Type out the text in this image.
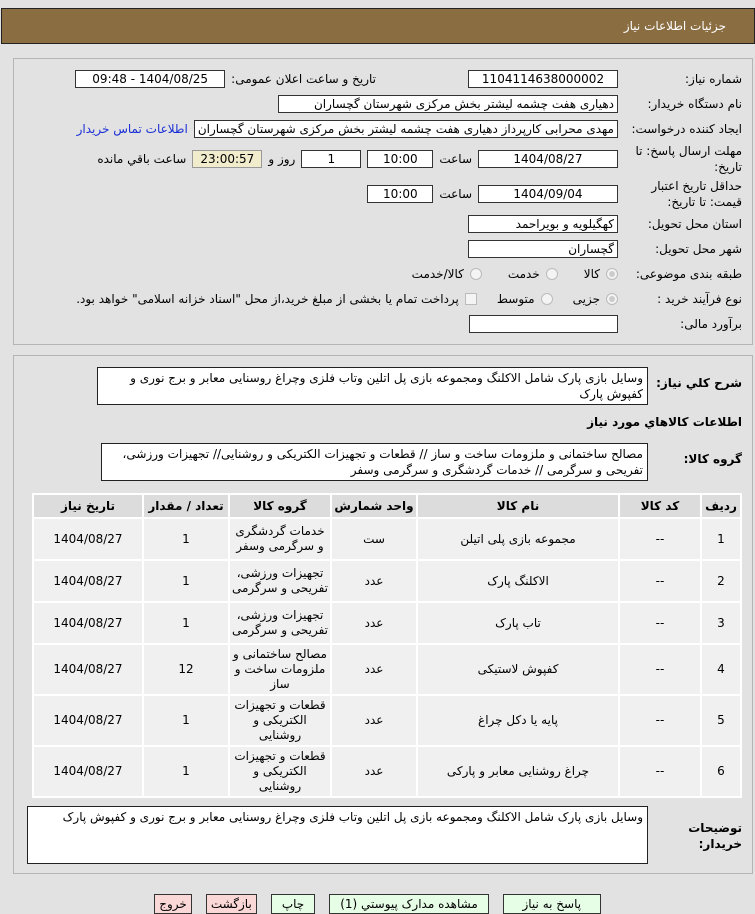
جزئیات اطلاعات نیاز
شماره نیاز:
1104114638000002
تاریخ و ساعت اعلان عمومی:
1404/08/25 - 09:48
نام دستگاه خریدار:
دهیاری هفت چشمه لیشتر بخش مرکزی شهرستان گچساران
ایجاد کننده درخواست:
مهدی محرابی کارپرداز دهیاری هفت چشمه لیشتر بخش مرکزی شهرستان گچساران
اطلاعات تماس خریدار
مهلت ارسال پاسخ: تا تاریخ:
1404/08/27
ساعت
10:00
1
روز و
23:00:57
ساعت باقي مانده
حداقل تاریخ اعتبار قیمت: تا تاریخ:
1404/09/04
ساعت
10:00
استان محل تحویل:
کهگیلویه و بویراحمد
شهر محل تحویل:
گچساران
طبقه بندی موضوعی:
کالا
خدمت
کالا/خدمت
نوع فرآیند خرید :
جزیی
متوسط
پرداخت تمام یا بخشی از مبلغ خرید،از محل "اسناد خزانه اسلامی" خواهد بود.
برآورد مالی:
شرح کلي نياز:
وسایل بازی پارک شامل الاکلنگ ومجموعه بازی پل اتلین وتاب فلزی وچراغ روسنایی معابر و برج نوری و کفپوش پارک
اطلاعات کالاهاي مورد نياز
گروه کالا:
مصالح ساختمانی و ملزومات ساخت و ساز // قطعات و تجهیزات الکتریکی و روشنایی// تجهیزات ورزشی، تفریحی و سرگرمی // خدمات گردشگری و سرگرمی وسفر
ردیف	کد کالا	نام کالا	واحد شمارش	گروه کالا	تعداد / مقدار	تاریخ نیاز
1	--	مجموعه بازی پلی اتیلن	ست	خدمات گردشگری و سرگرمی وسفر	1	1404/08/27
2	--	الاکلنگ پارک	عدد	تجهیزات ورزشی، تفریحی و سرگرمی	1	1404/08/27
3	--	تاب پارک	عدد	تجهیزات ورزشی، تفریحی و سرگرمی	1	1404/08/27
4	--	کفپوش لاستیکی	عدد	مصالح ساختمانی و ملزومات ساخت و ساز	12	1404/08/27
5	--	پایه یا دکل چراغ	عدد	قطعات و تجهیزات الکتریکی و روشنایی	1	1404/08/27
6	--	چراغ روشنایی معابر و پارکی	عدد	قطعات و تجهیزات الکتریکی و روشنایی	1	1404/08/27
توضیحات خریدار:
وسایل بازی پارک شامل الاکلنگ ومجموعه بازی پل اتلین وتاب فلزی وچراغ روسنایی معابر و برج نوری و کفپوش پارک
پاسخ به نیاز
مشاهده مدارک پیوستي (1)
چاپ
بازگشت
خروج
